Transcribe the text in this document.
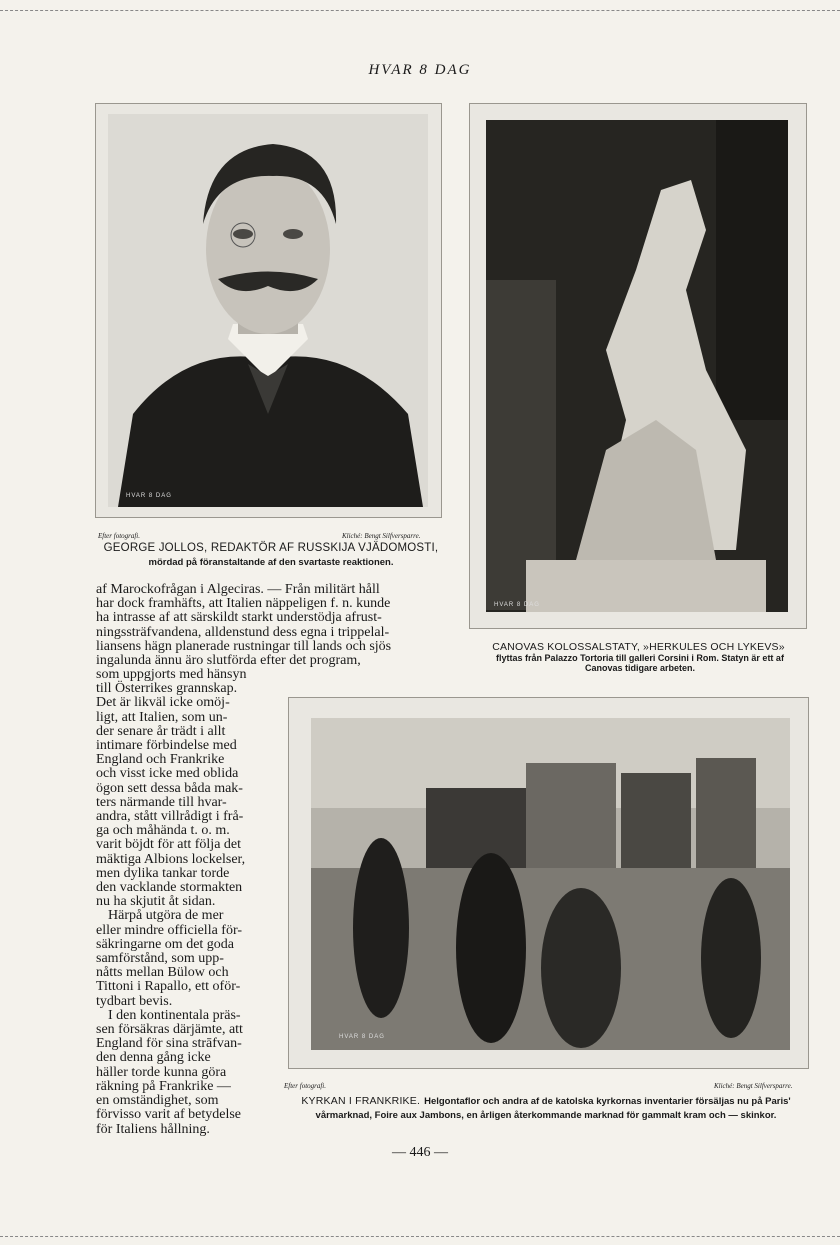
HVAR 8 DAG
HVAR 8 DAG
Efter fotografi.	Kliché: Bengt Silfversparre.
GEORGE JOLLOS, REDAKTÖR AF RUSSKIJA VJÄDOMOSTI,
mördad på föranstaltande af den svartaste reaktionen.
HVAR 8 DAG
CANOVAS KOLOSSALSTATY, »HERKULES OCH LYKEVS»
flyttas från Palazzo Tortoria till galleri Corsini i Rom. Statyn är ett af Canovas tidigare arbeten.
HVAR 8 DAG
Efter fotografi.	Kliché: Bengt Silfversparre.
KYRKAN I FRANKRIKE. Helgontaflor och andra af de katolska kyrkornas inventarier försäljas nu på Paris' vårmarknad, Foire aux Jambons, en årligen återkommande marknad för gammalt kram och — skinkor.

af Marockofrågan i Algeciras. — Från militärt håll

har dock framhäfts, att Italien näppeligen f. n. kunde

ha intrasse af att särskildt starkt understödja afrust-

ningssträfvandena, alldenstund dess egna i trippelal-

liansens hägn planerade rustningar till lands och sjös

ingalunda ännu äro slutförda efter det program,

som uppgjorts med hänsyn

till Österrikes grannskap.

Det är likväl icke omöj-

ligt, att Italien, som un-

der senare år trädt i allt

intimare förbindelse med

England och Frankrike

och visst icke med oblida

ögon sett dessa båda mak-

ters närmande till hvar-

andra, stått villrådigt i frå-

ga och måhända t. o. m.

varit böjdt för att följa det

mäktiga Albions lockelser,

men dylika tankar torde

den vacklande stormakten

nu ha skjutit åt sidan.

Härpå utgöra de mer

eller mindre officiella för-

säkringarne om det goda

samförstånd, som upp-

nåtts mellan Bülow och

Tittoni i Rapallo, ett oför-

tydbart bevis.

I den kontinentala präs-

sen försäkras därjämte, att

England för sina strāfvan-

den denna gång icke

häller torde kunna göra

räkning på Frankrike —

en omständighet, som

förvisso varit af betydelse

för Italiens hållning.

— 446 —
